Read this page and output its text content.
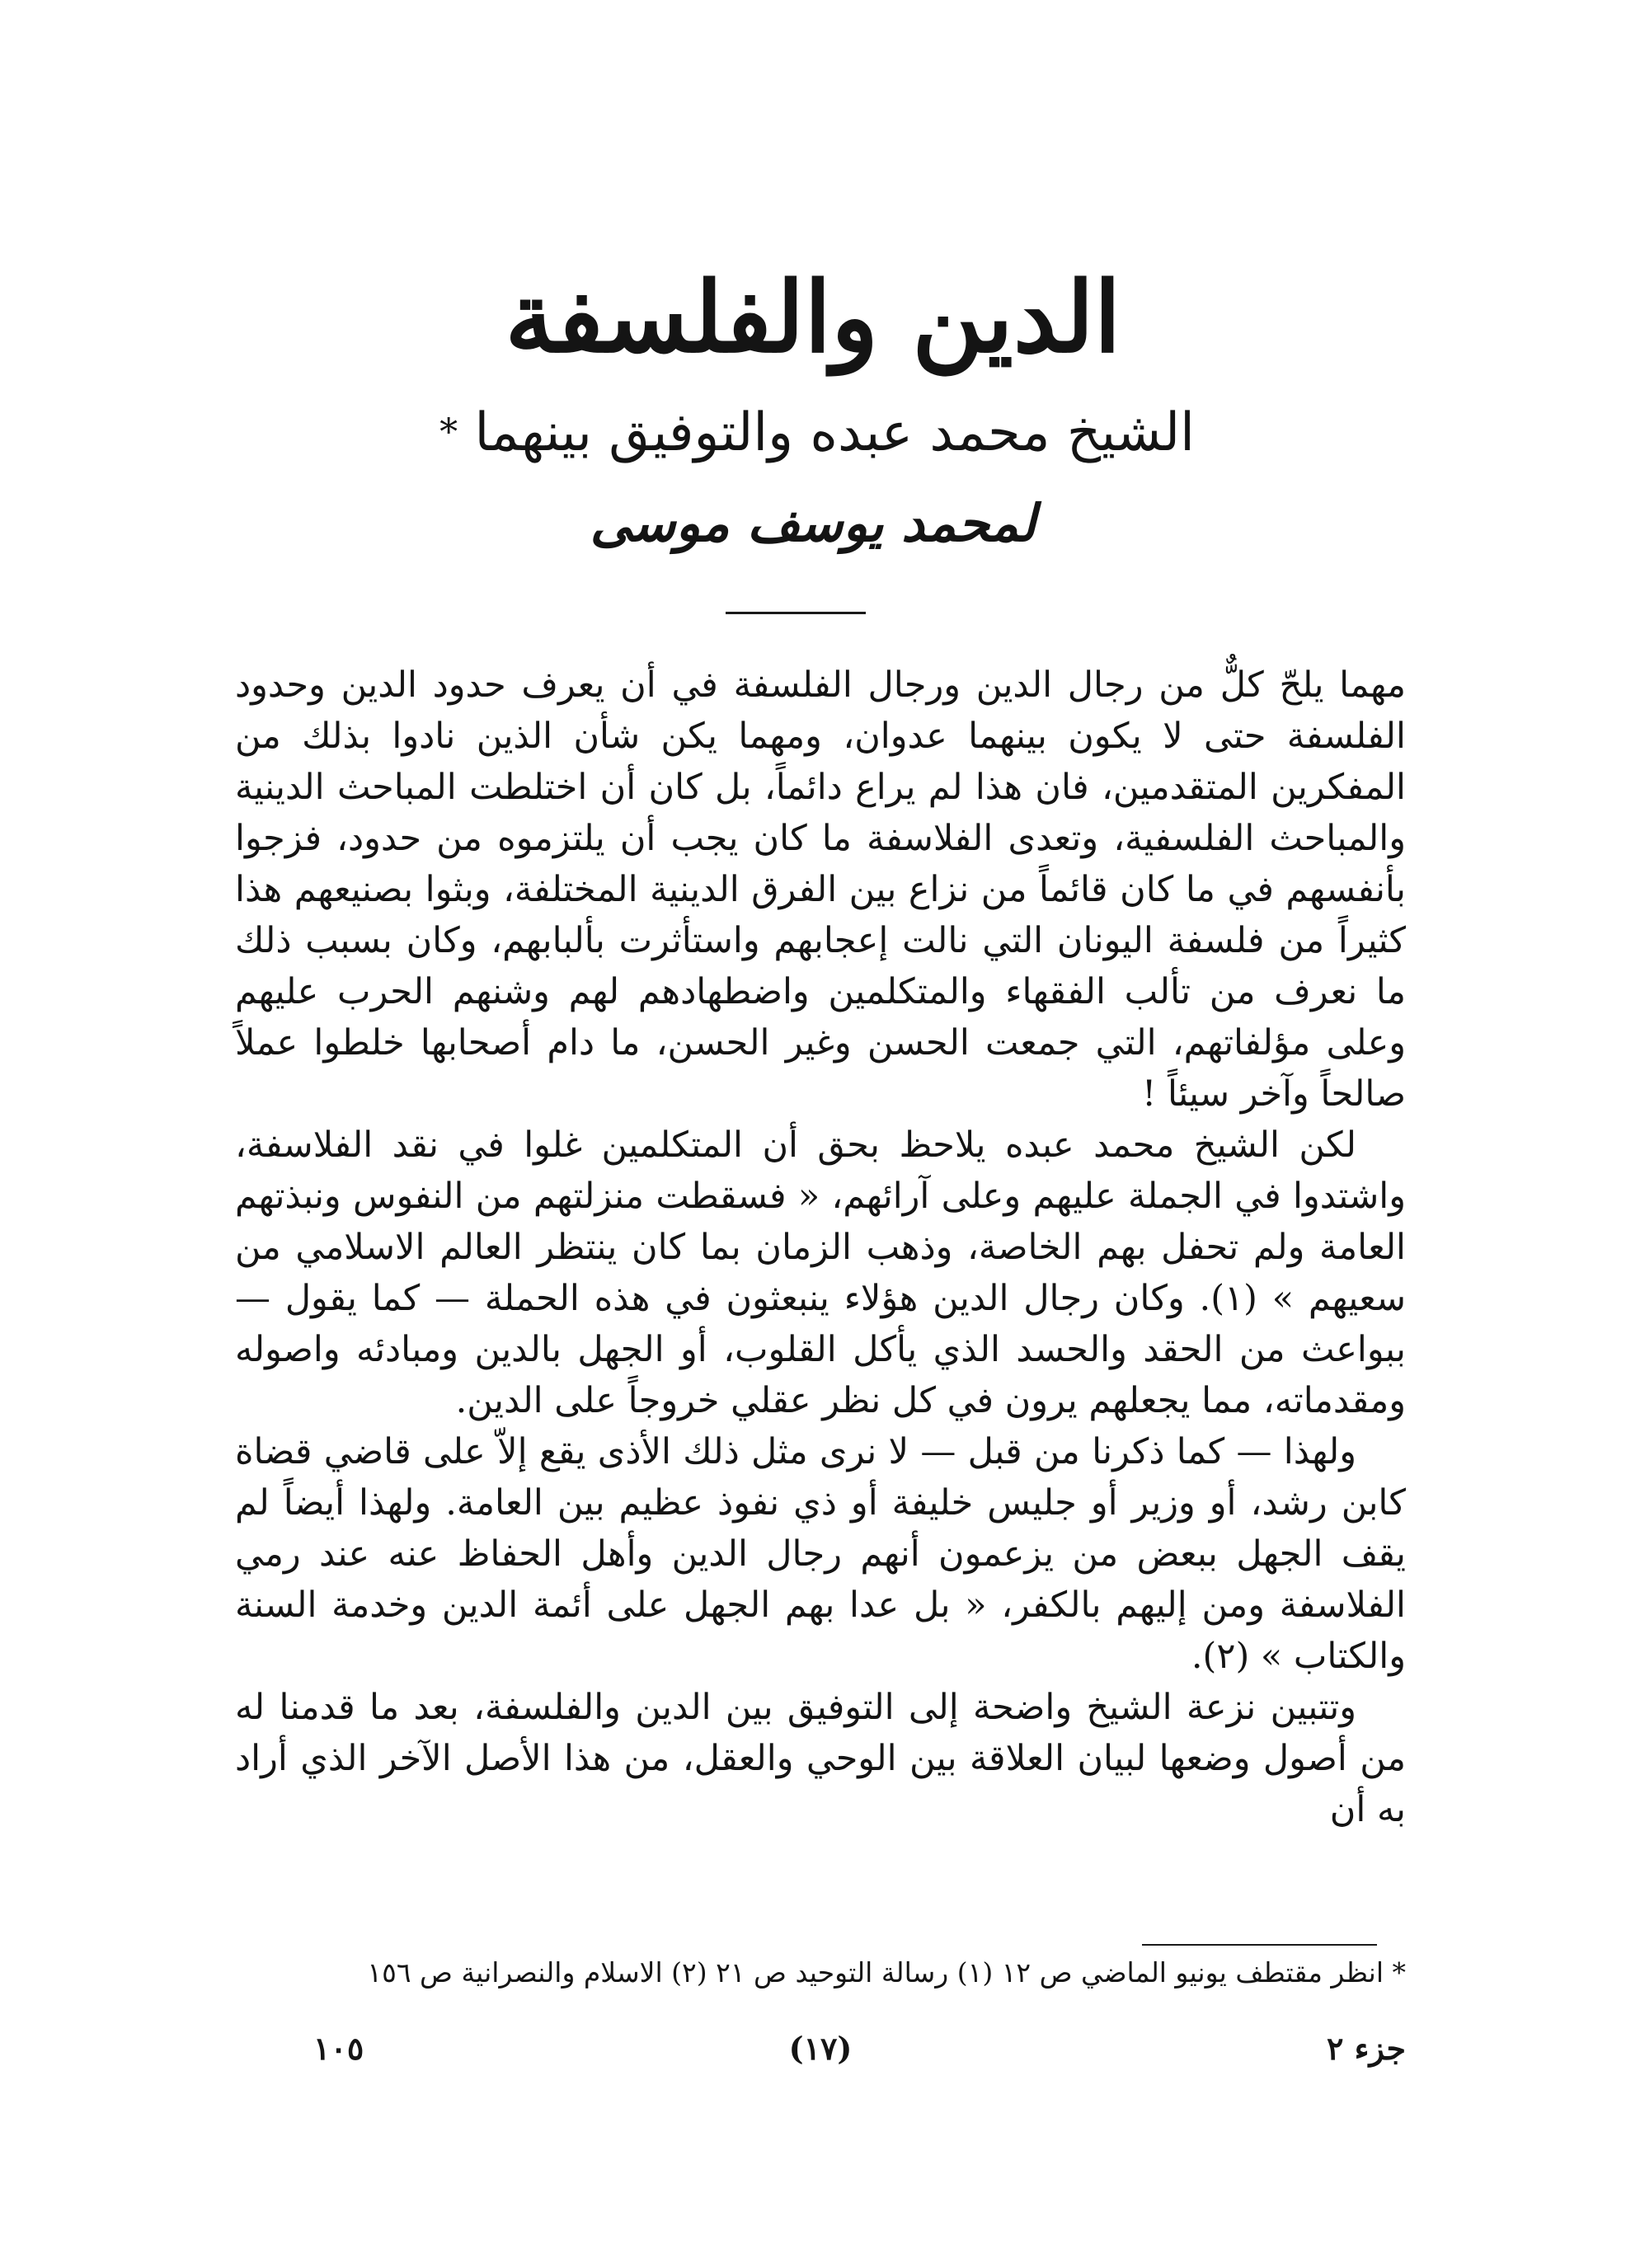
الدين والفلسفة
الشيخ محمد عبده والتوفيق بينهما *
لمحمد يوسف موسى

مهما يلحّ كلٌّ من رجال الدين ورجال الفلسفة في أن يعرف حدود الدين وحدود الفلسفة حتى لا يكون بينهما عدوان، ومهما يكن شأن الذين نادوا بذلك من المفكرين المتقدمين، فان هذا لم يراع دائماً، بل كان أن اختلطت المباحث الدينية والمباحث الفلسفية، وتعدى الفلاسفة ما كان يجب أن يلتزموه من حدود، فزجوا بأنفسهم في ما كان قائماً من نزاع بين الفرق الدينية المختلفة، وبثوا بصنيعهم هذا كثيراً من فلسفة اليونان التي نالت إعجابهم واستأثرت بألبابهم، وكان بسبب ذلك ما نعرف من تألب الفقهاء والمتكلمين واضطهادهم لهم وشنهم الحرب عليهم وعلى مؤلفاتهم، التي جمعت الحسن وغير الحسن، ما دام أصحابها خلطوا عملاً صالحاً وآخر سيئاً !

لكن الشيخ محمد عبده يلاحظ بحق أن المتكلمين غلوا في نقد الفلاسفة، واشتدوا في الجملة عليهم وعلى آرائهم، « فسقطت منزلتهم من النفوس ونبذتهم العامة ولم تحفل بهم الخاصة، وذهب الزمان بما كان ينتظر العالم الاسلامي من سعيهم » (١). وكان رجال الدين هؤلاء ينبعثون في هذه الحملة — كما يقول — ببواعث من الحقد والحسد الذي يأكل القلوب، أو الجهل بالدين ومبادئه واصوله ومقدماته، مما يجعلهم يرون في كل نظر عقلي خروجاً على الدين.

ولهذا — كما ذكرنا من قبل — لا نرى مثل ذلك الأذى يقع إلاّ على قاضي قضاة كابن رشد، أو وزير أو جليس خليفة أو ذي نفوذ عظيم بين العامة. ولهذا أيضاً لم يقف الجهل ببعض من يزعمون أنهم رجال الدين وأهل الحفاظ عنه عند رمي الفلاسفة ومن إليهم بالكفر، « بل عدا بهم الجهل على أئمة الدين وخدمة السنة والكتاب » (٢).

وتتبين نزعة الشيخ واضحة إلى التوفيق بين الدين والفلسفة، بعد ما قدمنا له من أصول وضعها لبيان العلاقة بين الوحي والعقل، من هذا الأصل الآخر الذي أراد به أن

* انظر مقتطف يونيو الماضي ص ١٢ (١) رسالة التوحيد ص ٢١ (٢) الاسلام والنصرانية ص ١٥٦
جزء ٢
(١٧)
١٠٥
